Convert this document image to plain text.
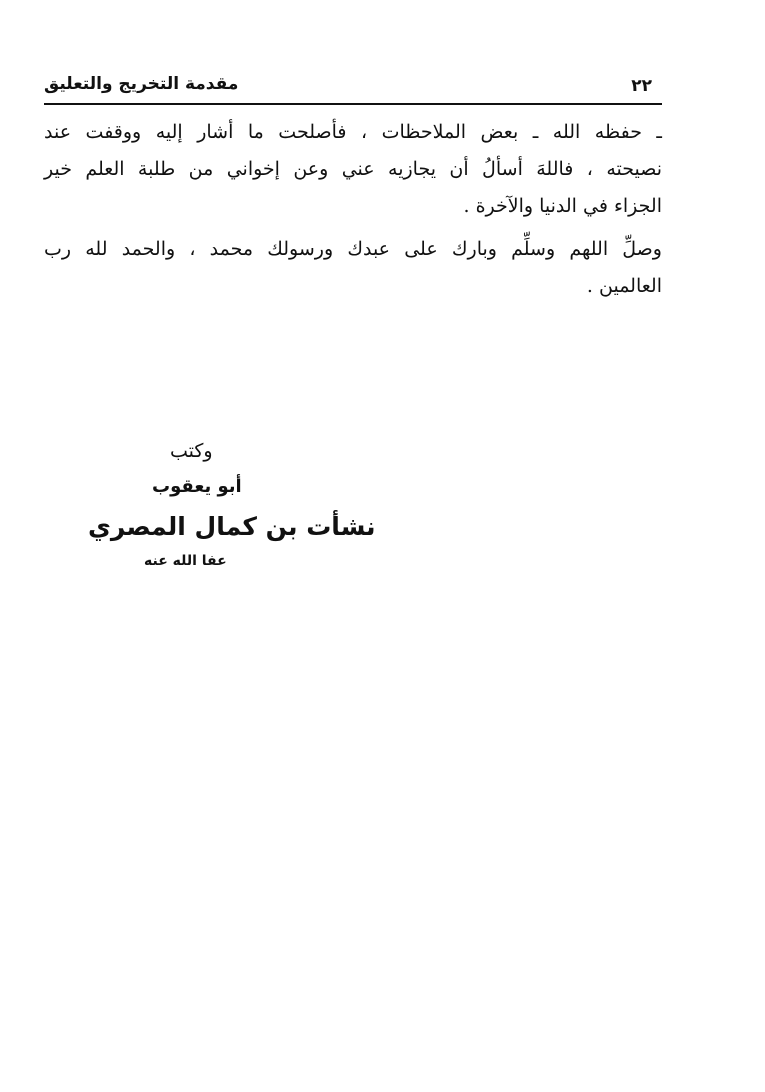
٢٢
مقدمة التخريج والتعليق
ـ حفظه الله ـ بعض الملاحظات ، فأصلحت ما أشار إليه ووقفت عند
نصيحته ، فاللهَ أسألُ أن يجازيه عني وعن إخواني من طلبة العلم خير
الجزاء في الدنيا والآخرة .
وصلِّ اللهم وسلِّم وبارك على عبدك ورسولك محمد ، والحمد لله رب
العالمين .
وكتب
أبو يعقوب
نشأت بن كمال المصري
عفا الله عنه
